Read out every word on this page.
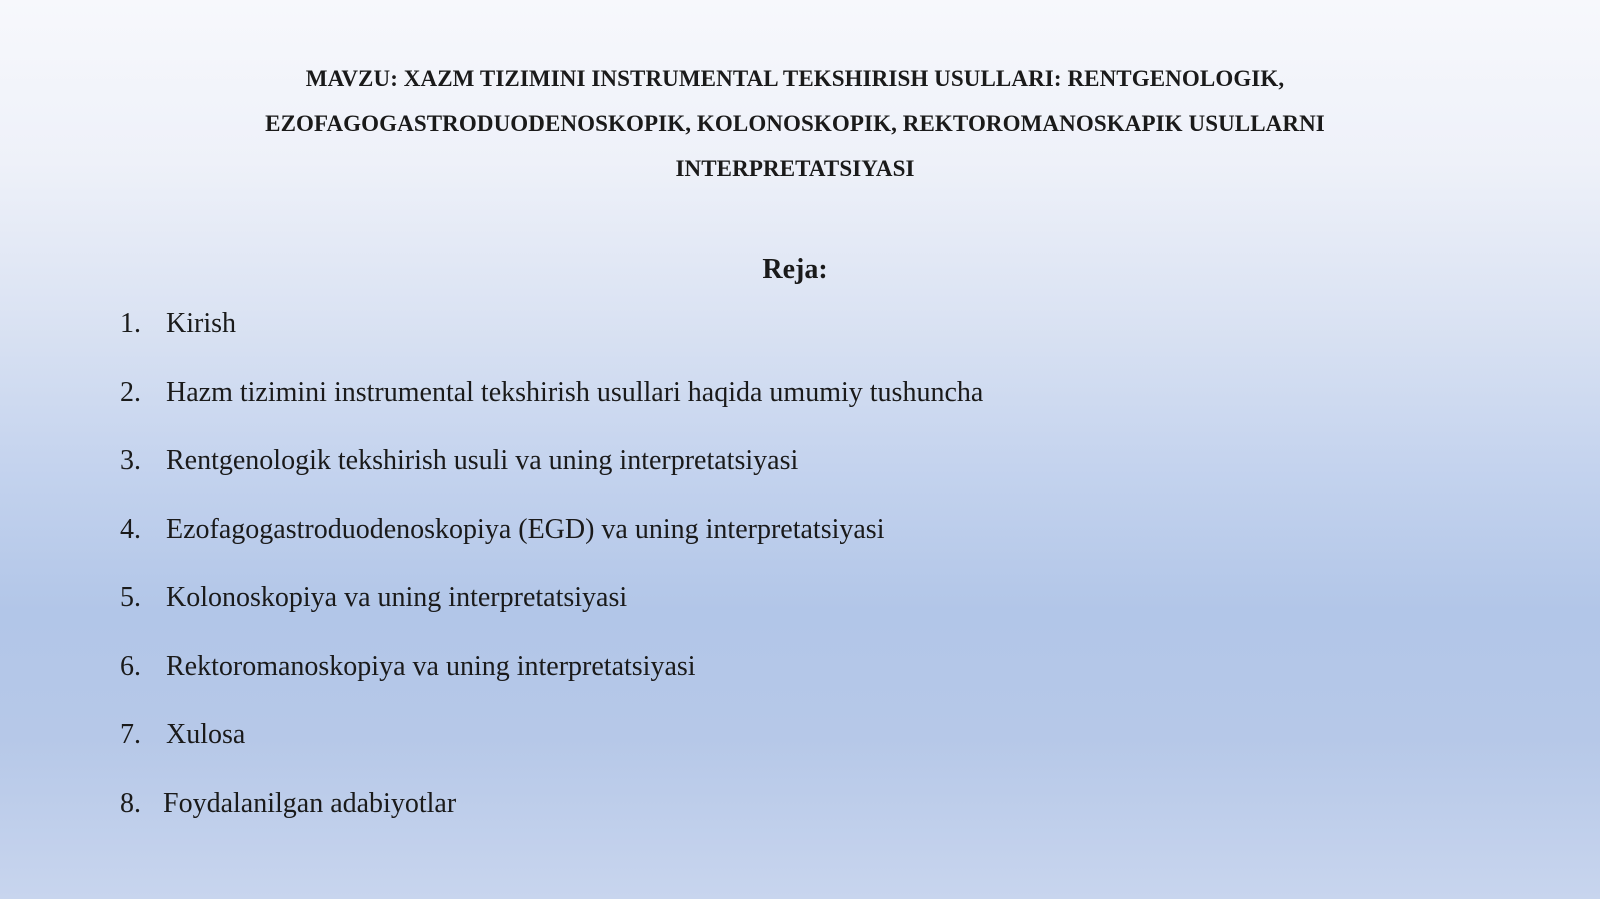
MAVZU: XAZM TIZIMINI INSTRUMENTAL TEKSHIRISH USULLARI: RENTGENOLOGIK,
EZOFAGOGASTRODUODENOSKOPIK, KOLONOSKOPIK, REKTOROMANOSKAPIK USULLARNI
INTERPRETATSIYASI
Reja:
1. Kirish
2. Hazm tizimini instrumental tekshirish usullari haqida umumiy tushuncha
3. Rentgenologik tekshirish usuli va uning interpretatsiyasi
4. Ezofagogastroduodenoskopiya (EGD) va uning interpretatsiyasi
5. Kolonoskopiya va uning interpretatsiyasi
6. Rektoromanoskopiya va uning interpretatsiyasi
7. Xulosa
8. Foydalanilgan adabiyotlar
